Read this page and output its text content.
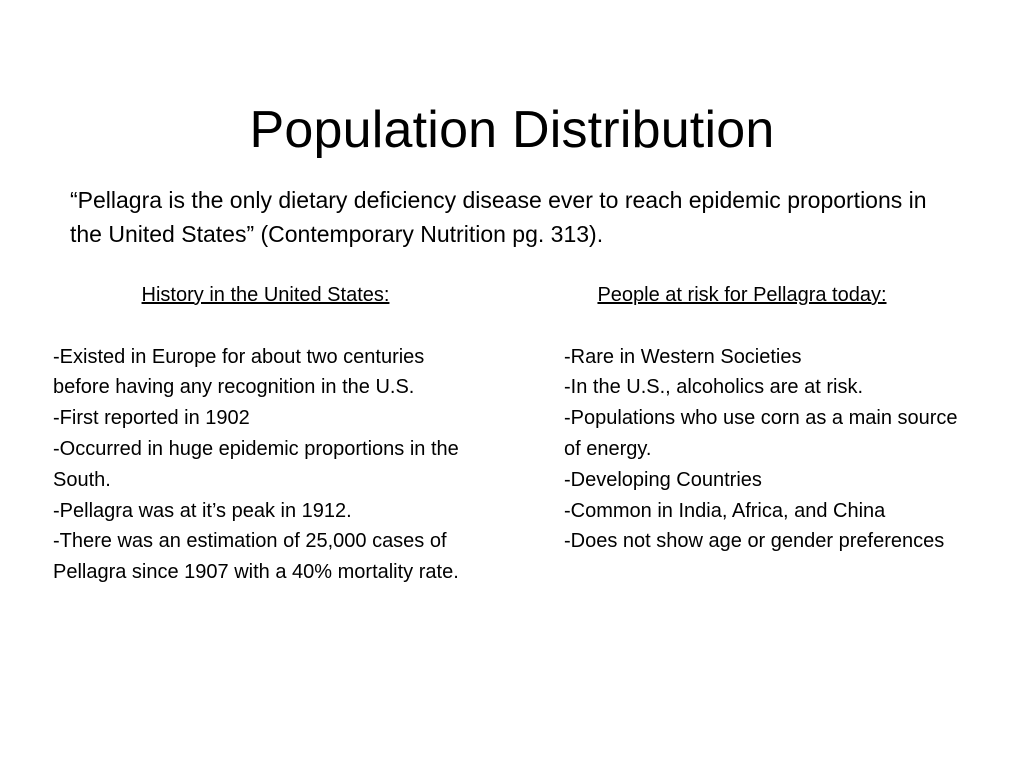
Population Distribution

“Pellagra is the only dietary deficiency disease ever to reach epidemic proportions in the United States” (Contemporary Nutrition pg. 313).

History in the United States:
-Existed in Europe for about two centuries before having any recognition in the U.S.
-First reported in 1902
-Occurred in huge epidemic proportions in the South.
-Pellagra was at it’s peak in 1912.
-There was an estimation of 25,000 cases of Pellagra since 1907 with a 40% mortality rate.
People at risk for Pellagra today:
-Rare in Western Societies
-In the U.S., alcoholics are at risk.
-Populations who use corn as a main source of energy.
-Developing Countries
-Common in India, Africa, and China
-Does not show age or gender preferences
